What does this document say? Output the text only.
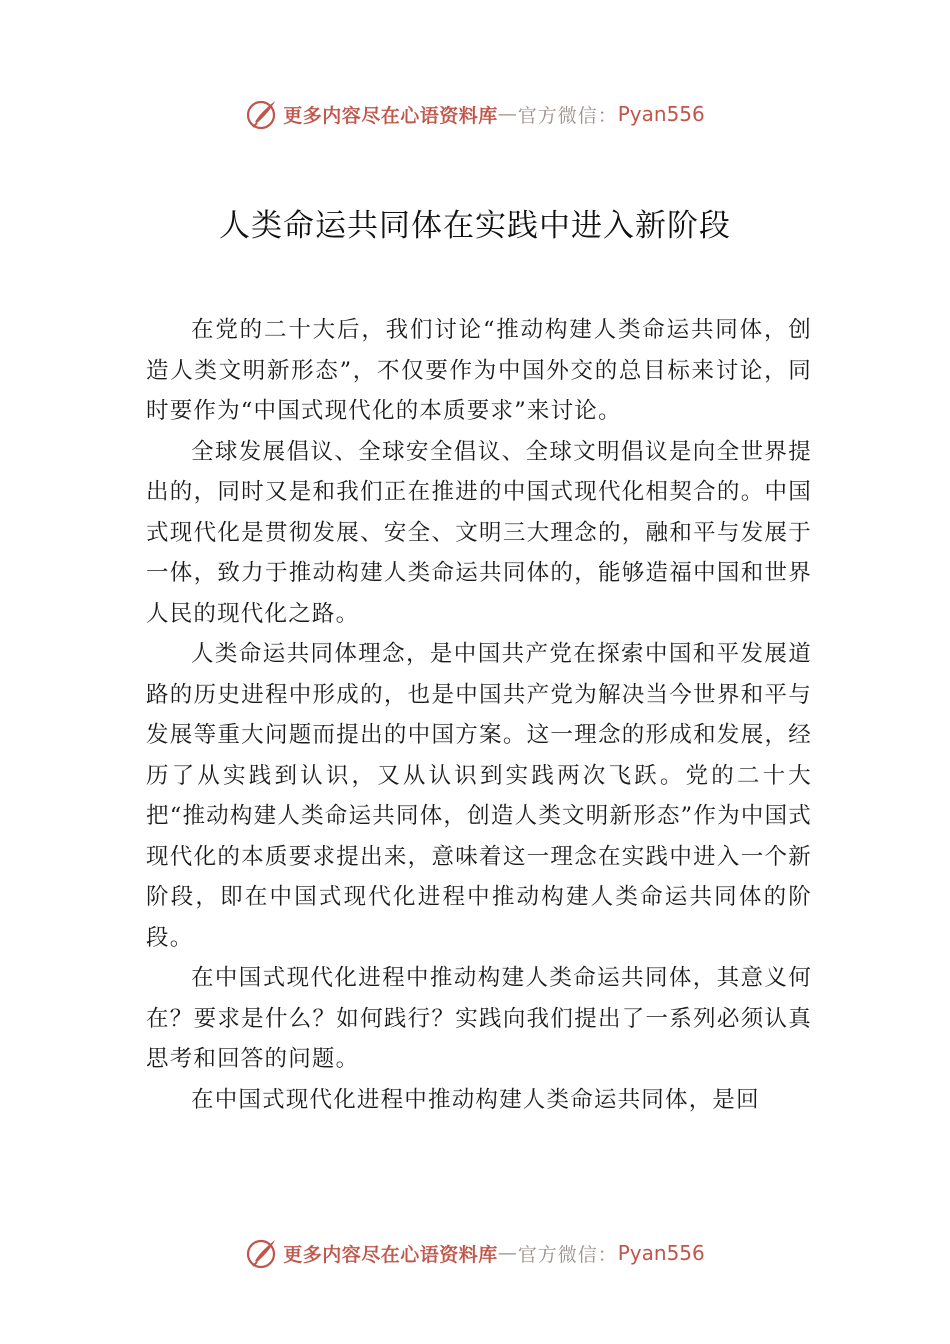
更多内容尽在心语资料库 — 官方微信： Pyan556
人类命运共同体在实践中进入新阶段

在党的二十大后，我们讨论“推动构建人类命运共同体，创造人类文明新形态”，不仅要作为中国外交的总目标来讨论，同时要作为“中国式现代化的本质要求”来讨论。

全球发展倡议、全球安全倡议、全球文明倡议是向全世界提出的，同时又是和我们正在推进的中国式现代化相契合的。中国式现代化是贯彻发展、安全、文明三大理念的，融和平与发展于一体，致力于推动构建人类命运共同体的，能够造福中国和世界人民的现代化之路。

人类命运共同体理念，是中国共产党在探索中国和平发展道路的历史进程中形成的，也是中国共产党为解决当今世界和平与发展等重大问题而提出的中国方案。这一理念的形成和发展，经历了从实践到认识，又从认识到实践两次飞跃。党的二十大把“推动构建人类命运共同体，创造人类文明新形态”作为中国式现代化的本质要求提出来，意味着这一理念在实践中进入一个新阶段，即在中国式现代化进程中推动构建人类命运共同体的阶段。

在中国式现代化进程中推动构建人类命运共同体，其意义何在？要求是什么？如何践行？实践向我们提出了一系列必须认真思考和回答的问题。

在中国式现代化进程中推动构建人类命运共同体，是回

更多内容尽在心语资料库 — 官方微信： Pyan556
